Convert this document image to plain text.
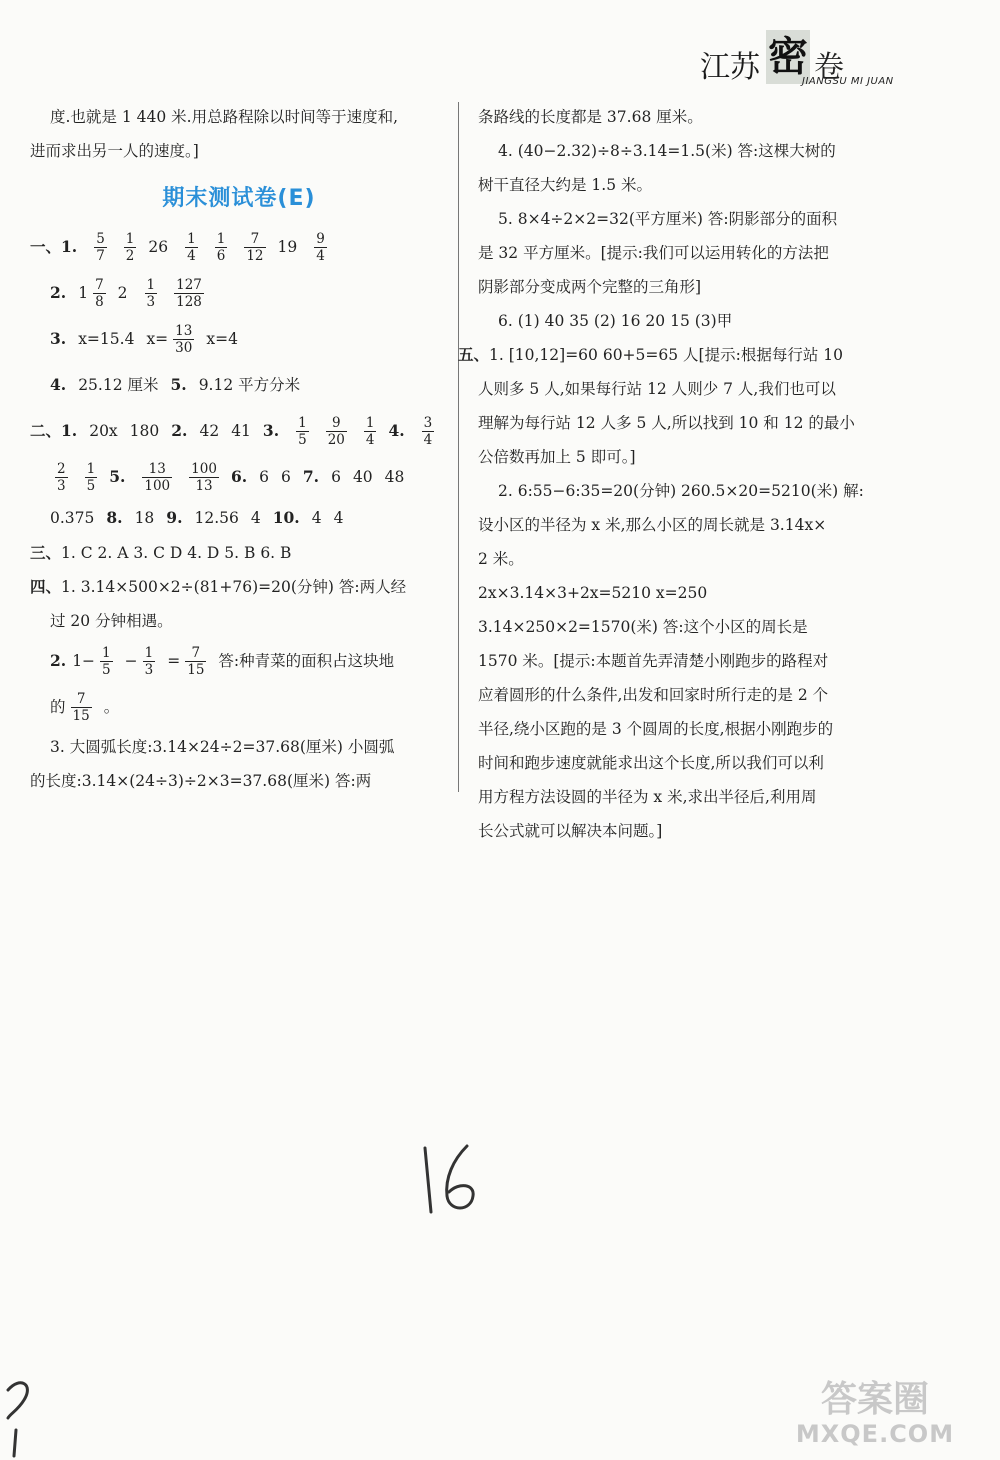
江苏 密 卷
JIANGSU MI JUAN

度.也就是 1 440 米.用总路程除以时间等于速度和,

进而求出另一人的速度。]

期末测试卷(E)
一、 1. 5
7
1
2 26 1
4
1
6
7
12 19 9
4
2. 1 7
8 2 1
3
127
128
3. x=15.4 $x= \frac{13}{30} x=4$
4. 25.12 厘米 5. 9.12 平方分米
二、 1. 20x 180 2. 42 41 3. 1
5
9
20
1
4 4. 3
4
2
3
1
5 5.	13
100
100
13	6. 6 6 7. 6 40 48
0.375 8. 18 9. 12.56 4 10. 4 4

三、1. C 2. A 3. C D 4. D 5. B 6. B

四、1. 3.14×500×2÷(81+76)=20(分钟) 答:两人经

过 20 分钟相遇。

2. $1- \frac{1}{5} - \frac{1}{3} = \frac{7}{15}$ 答:种青菜的面积占这块地
的 7
15 。

3. 大圆弧长度:3.14×24÷2=37.68(厘米) 小圆弧

的长度:3.14×(24÷3)÷2×3=37.68(厘米) 答:两

条路线的长度都是 37.68 厘米。

4. (40−2.32)÷8÷3.14=1.5(米) 答:这棵大树的

树干直径大约是 1.5 米。

5. 8×4÷2×2=32(平方厘米) 答:阴影部分的面积

是 32 平方厘米。[提示:我们可以运用转化的方法把

阴影部分变成两个完整的三角形]

6. (1) 40 35 (2) 16 20 15 (3)甲

五、1. [10,12]=60 60+5=65 人[提示:根据每行站 10

人则多 5 人,如果每行站 12 人则少 7 人,我们也可以

理解为每行站 12 人多 5 人,所以找到 10 和 12 的最小

公倍数再加上 5 即可。]

2. 6:55−6:35=20(分钟) 260.5×20=5210(米) 解:

设小区的半径为 x 米,那么小区的周长就是 3.14x×

2 米。

2x×3.14×3+2x=5210 x=250

3.14×250×2=1570(米) 答:这个小区的周长是

1570 米。[提示:本题首先弄清楚小刚跑步的路程对

应着圆形的什么条件,出发和回家时所行走的是 2 个

半径,绕小区跑的是 3 个圆周的长度,根据小刚跑步的

时间和跑步速度就能求出这个长度,所以我们可以利

用方程方法设圆的半径为 x 米,求出半径后,利用周

长公式就可以解决本问题。]

答案圈
MXQE.COM
